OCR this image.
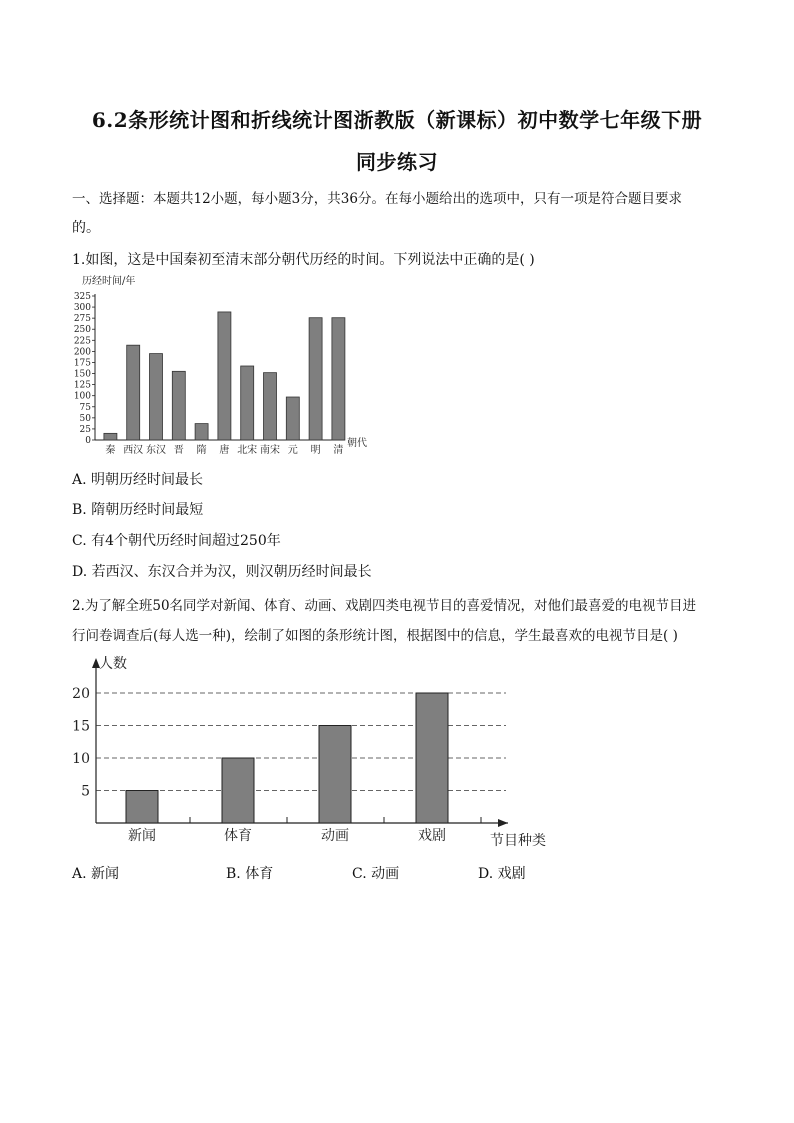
6.2条形统计图和折线统计图浙教版（新课标）初中数学七年级下册
同步练习
一、选择题：本题共12小题，每小题3分，共36分。在每小题给出的选项中，只有一项是符合题目要求
的。
1.如图，这是中国秦初至清末部分朝代历经的时间。下列说法中正确的是( )
历经时间/年
0
25
50
75
100
125
150
175
200
225
250
275
300
325
秦 西汉 东汉 晋 隋 唐 北宋 南宋 元 明 清
朝代
A. 明朝历经时间最长
B. 隋朝历经时间最短
C. 有4个朝代历经时间超过250年
D. 若西汉、东汉合并为汉，则汉朝历经时间最长
2.为了解全班50名同学对新闻、体育、动画、戏剧四类电视节目的喜爱情况，对他们最喜爱的电视节目进
行问卷调查后(每人选一种)，绘制了如图的条形统计图，根据图中的信息，学生最喜欢的电视节目是( )
人数
节目种类
5
10
15
20
新闻	体育	动画	戏剧
A. 新闻	B. 体育	C. 动画	D. 戏剧
